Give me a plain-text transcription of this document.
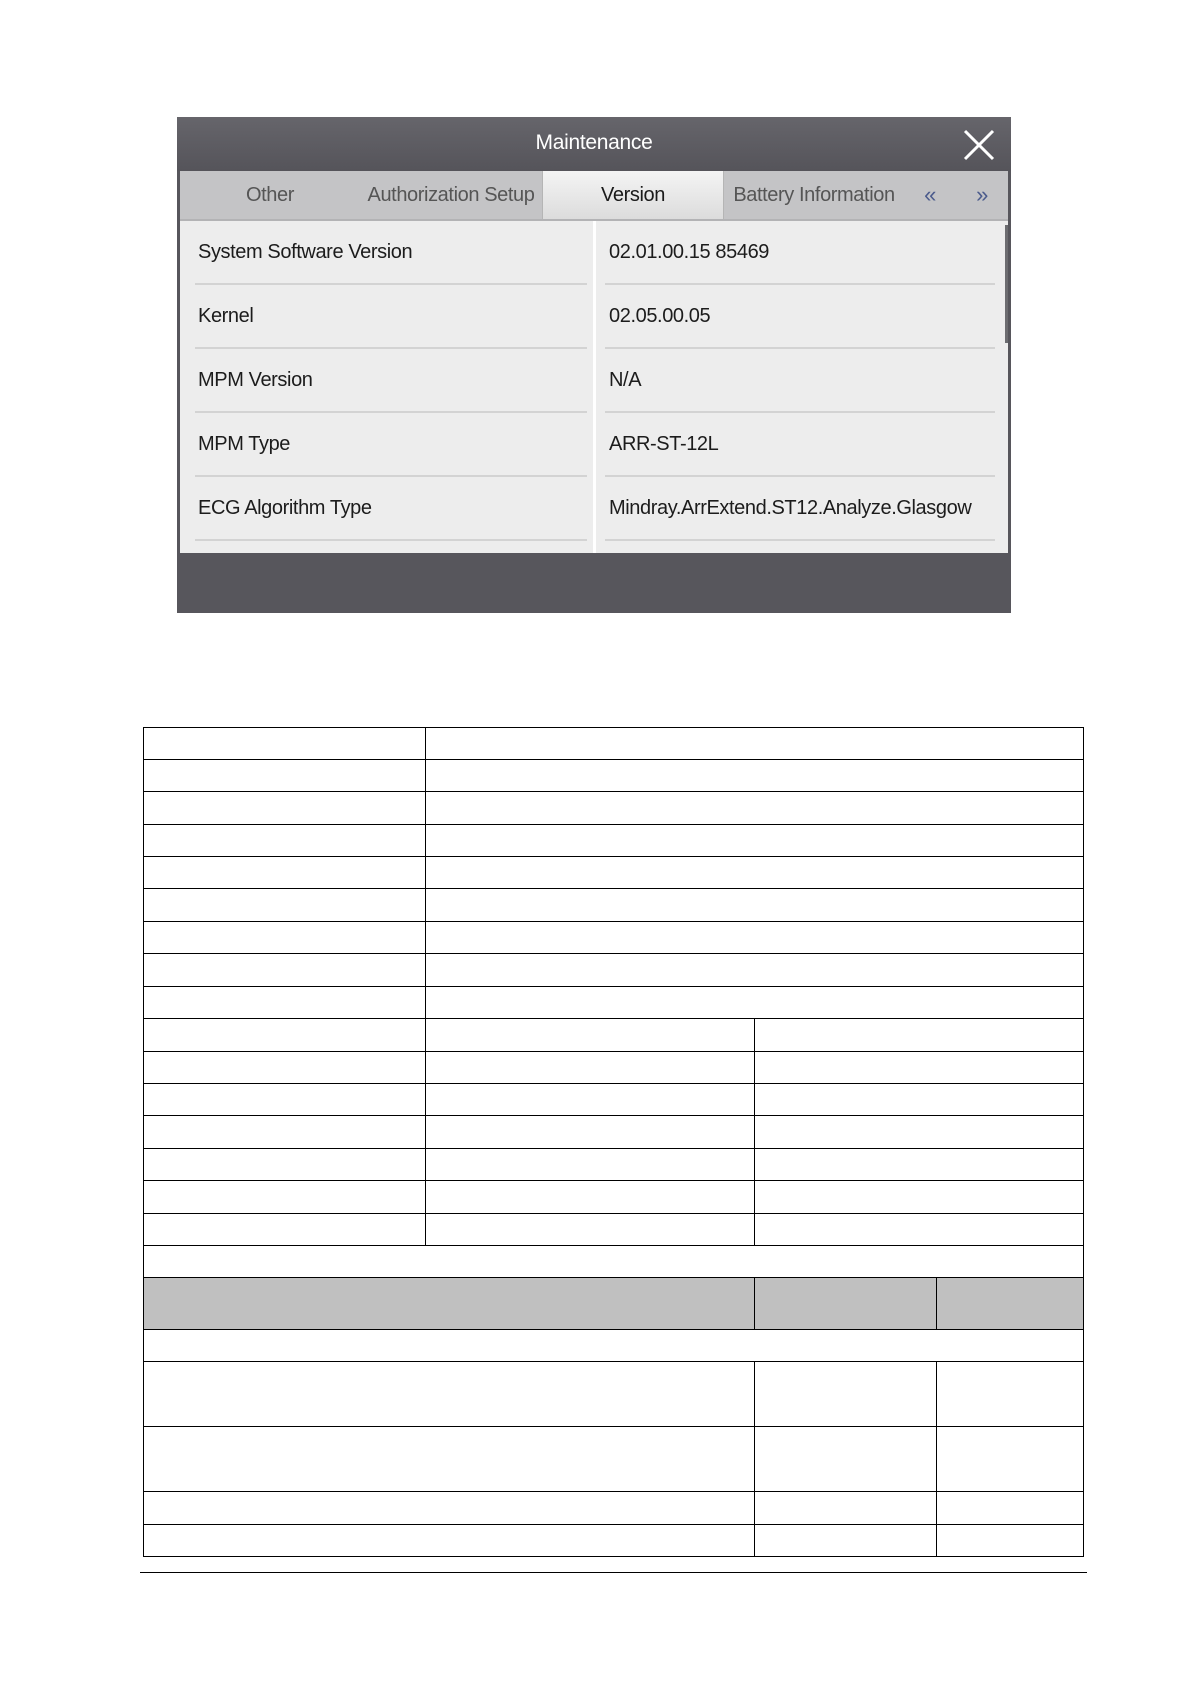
Maintenance
Other	Authorization Setup	Version	Battery Information	«	»
System Software Version	02.01.00.15 85469
Kernel	02.05.00.05
MPM Version	N/A
MPM Type	ARR-ST-12L
ECG Algorithm Type	Mindray.ArrExtend.ST12.Analyze.Glasgow
